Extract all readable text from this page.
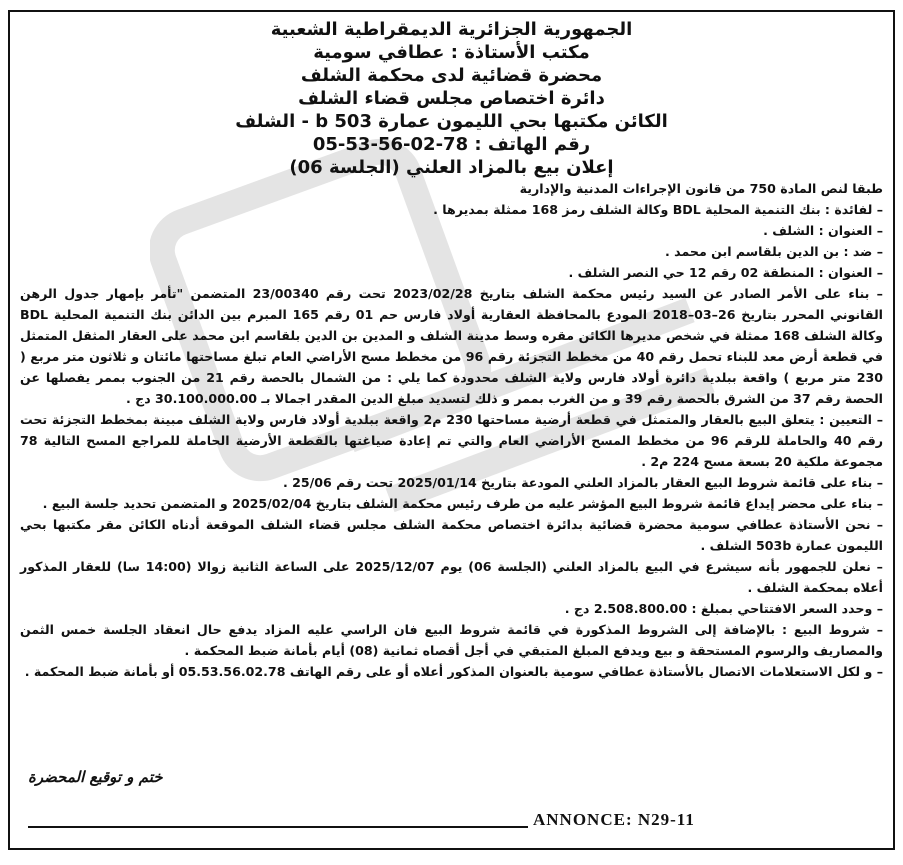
الجمهورية الجزائرية الديمقراطية الشعبية
مكتب الأستاذة : عطافي سومية
محضرة قضائية لدى محكمة الشلف
دائرة اختصاص مجلس قضاء الشلف
الكائن مكتبها بحي الليمون عمارة b 503 - الشلف
رقم الهاتف : 78-02-56-53-05
إعلان بيع بالمزاد العلني (الجلسة 06)

طبقا لنص المادة 750 من قانون الإجراءات المدنية والإدارية

– لفائدة : بنك التنمية المحلية BDL وكالة الشلف رمز 168 ممثلة بمديرها .

– العنوان : الشلف .

– ضد : بن الدين بلقاسم ابن محمد .

– العنوان : المنطقة 02 رقم 12 حي النصر الشلف .

– بناء على الأمر الصادر عن السيد رئيس محكمة الشلف بتاريخ 2023/02/28 تحت رقم 23/00340 المتضمن "تأمر بإمهار جدول الرهن القانوني المحرر بتاريخ 26–03–2018 المودع بالمحافظة العقارية أولاد فارس حم 01 رقم 165 المبرم بين الدائن بنك التنمية المحلية BDL وكالة الشلف 168 ممثلة في شخص مديرها الكائن مقره وسط مدينة الشلف و المدين بن الدين بلقاسم ابن محمد على العقار المثقل المتمثل في قطعة أرض معد للبناء تحمل رقم 40 من مخطط التجزئة رقم 96 من مخطط مسح الأراضي العام تبلغ مساحتها مائتان و ثلاثون متر مربع ( 230 متر مربع ) واقعة ببلدية دائرة أولاد فارس ولاية الشلف محدودة كما يلي : من الشمال بالحصة رقم 21 من الجنوب بممر يفصلها عن الحصة رقم 37 من الشرق بالحصة رقم 39 و من الغرب بممر و ذلك لتسديد مبلغ الدين المقدر اجمالا بـ 30.100.000.00 دج .

– التعيين : يتعلق البيع بالعقار والمتمثل في قطعة أرضية مساحتها 230 م2 واقعة ببلدية أولاد فارس ولاية الشلف مبينة بمخطط التجزئة تحت رقم 40 والحاملة للرقم 96 من مخطط المسح الأراضي العام والتي تم إعادة صياغتها بالقطعة الأرضية الحاملة للمراجع المسح التالية 78 مجموعة ملكية 20 بسعة مسح 224 م2 .

– بناء على قائمة شروط البيع العقار بالمزاد العلني المودعة بتاريخ 2025/01/14 تحت رقم 25/06 .

– بناء على محضر إيداع قائمة شروط البيع المؤشر عليه من طرف رئيس محكمة الشلف بتاريخ 2025/02/04 و المتضمن تحديد جلسة البيع .

– نحن الأستاذة عطافي سومية محضرة قضائية بدائرة اختصاص محكمة الشلف مجلس قضاء الشلف الموقعة أدناه الكائن مقر مكتبها بحي الليمون عمارة 503b الشلف .

– نعلن للجمهور بأنه سيشرع في البيع بالمزاد العلني (الجلسة 06) يوم 2025/12/07 على الساعة الثانية زوالا (14:00 سا) للعقار المذكور أعلاه بمحكمة الشلف .

– وحدد السعر الافتتاحي بمبلغ : 2.508.800.00 دج .

– شروط البيع : بالإضافة إلى الشروط المذكورة في قائمة شروط البيع فان الراسي عليه المزاد يدفع حال انعقاد الجلسة خمس الثمن والمصاريف والرسوم المستحقة و بيع ويدفع المبلغ المتبقي في أجل أقصاه ثمانية (08) أيام بأمانة ضبط المحكمة .

– و لكل الاستعلامات الاتصال بالأستاذة عطافي سومية بالعنوان المذكور أعلاه أو على رقم الهاتف 05.53.56.02.78 أو بأمانة ضبط المحكمة .

ختم و توقيع المحضرة
ANNONCE: N29-11
